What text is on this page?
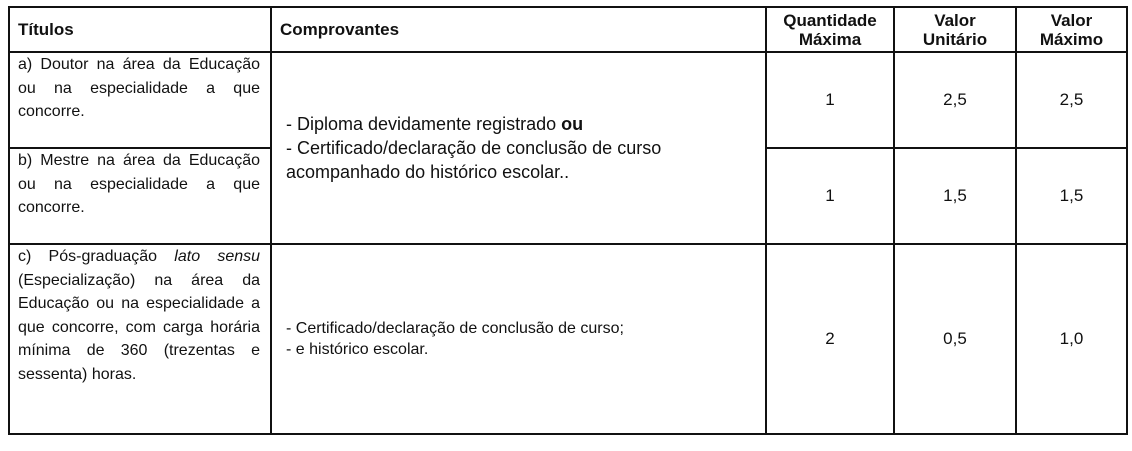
Títulos	Comprovantes	Quantidade Máxima	Valor Unitário	Valor Máximo
a) Doutor na área da Educação ou na especialidade a que concorre.	- Diploma devidamente registrado ou
- Certificado/declaração de conclusão de curso acompanhado do histórico escolar..	1	2,5	2,5
b) Mestre na área da Educação ou na especialidade a que concorre.		1	1,5	1,5
c) Pós-graduação lato sensu (Especialização) na área da Educação ou na especialidade a que concorre, com carga horária mínima de 360 (trezentas e sessenta) horas.	- Certificado/declaração de conclusão de curso;
- e histórico escolar.	2	0,5	1,0
